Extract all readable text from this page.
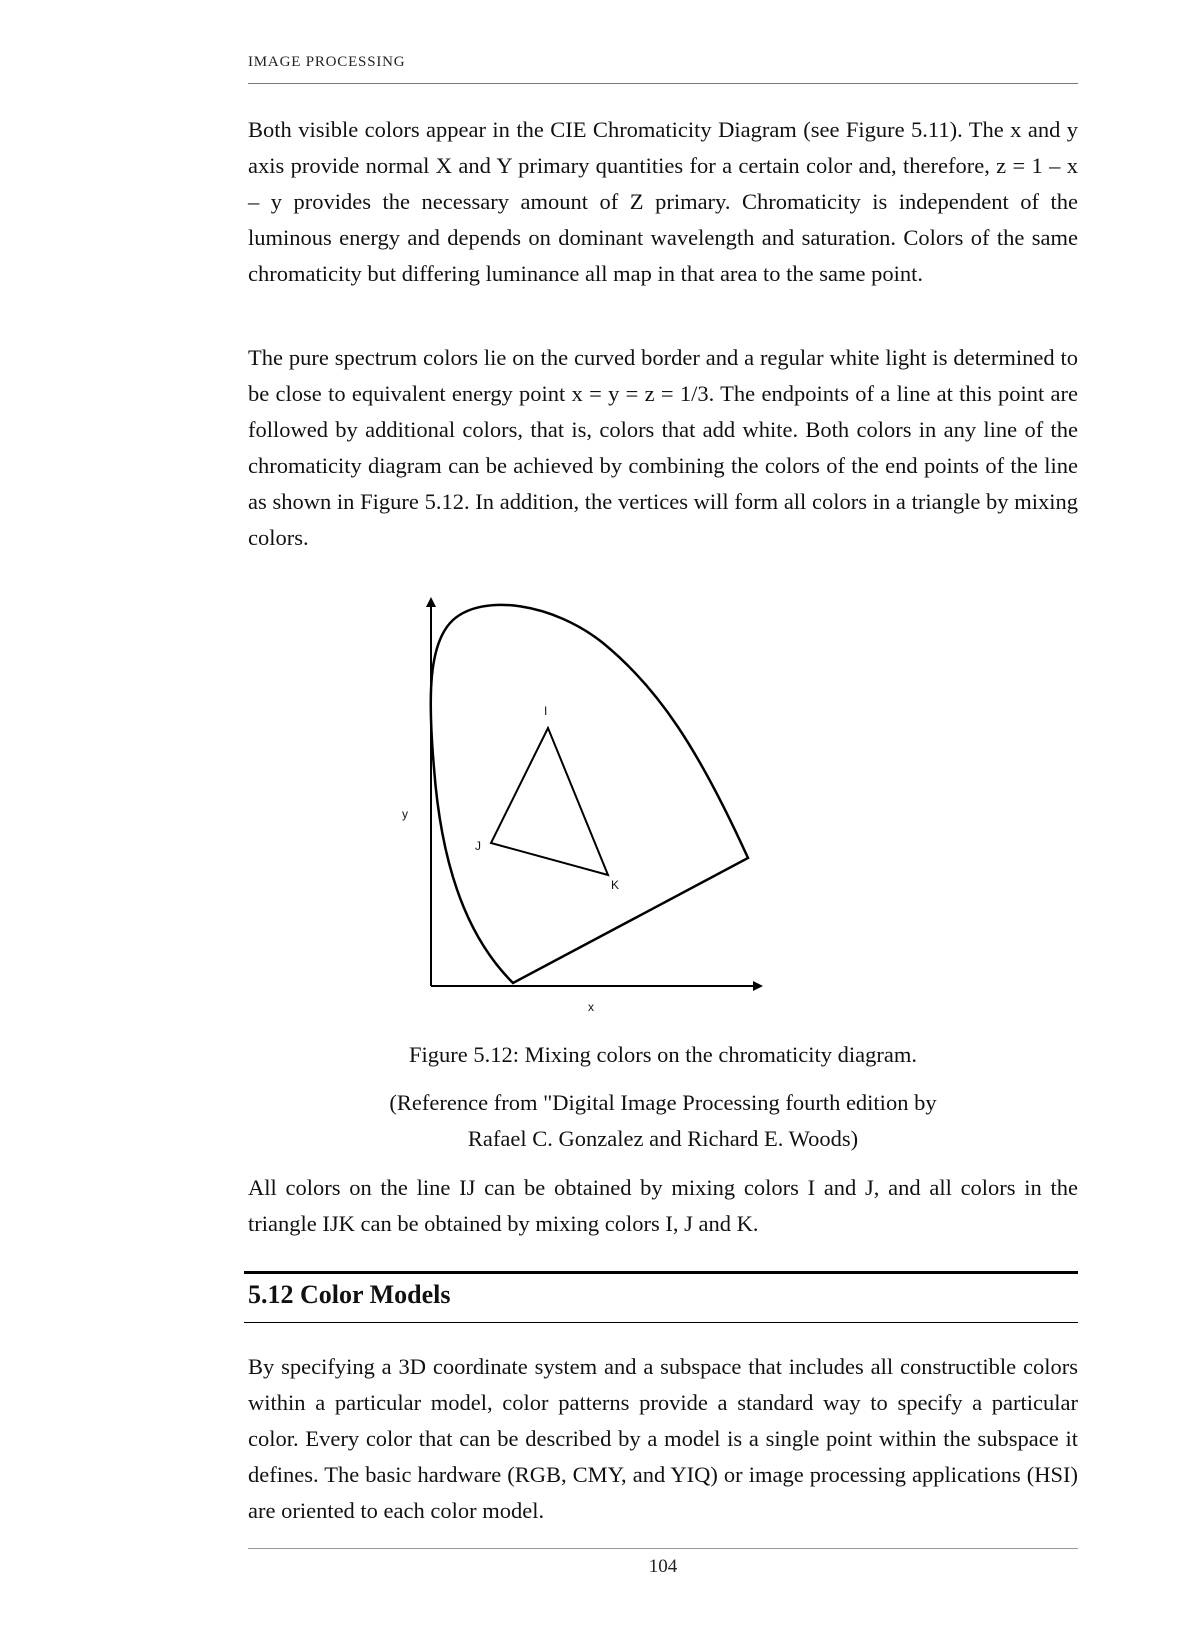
IMAGE PROCESSING

Both visible colors appear in the CIE Chromaticity Diagram (see Figure 5.11). The x and y axis provide normal X and Y primary quantities for a certain color and, therefore, z = 1 – x – y provides the necessary amount of Z primary. Chromaticity is independent of the luminous energy and depends on dominant wavelength and saturation. Colors of the same chromaticity but differing luminance all map in that area to the same point.

The pure spectrum colors lie on the curved border and a regular white light is determined to be close to equivalent energy point x = y = z = 1/3. The endpoints of a line at this point are followed by additional colors, that is, colors that add white. Both colors in any line of the chromaticity diagram can be achieved by combining the colors of the end points of the line as shown in Figure 5.12. In addition, the vertices will form all colors in a triangle by mixing colors.

I
J
K
y
x

Figure 5.12: Mixing colors on the chromaticity diagram.

(Reference from "Digital Image Processing fourth edition by
Rafael C. Gonzalez and Richard E. Woods)

All colors on the line IJ can be obtained by mixing colors I and J, and all colors in the triangle IJK can be obtained by mixing colors I, J and K.

5.12 Color Models

By specifying a 3D coordinate system and a subspace that includes all constructible colors within a particular model, color patterns provide a standard way to specify a particular color. Every color that can be described by a model is a single point within the subspace it defines. The basic hardware (RGB, CMY, and YIQ) or image processing applications (HSI) are oriented to each color model.

104
